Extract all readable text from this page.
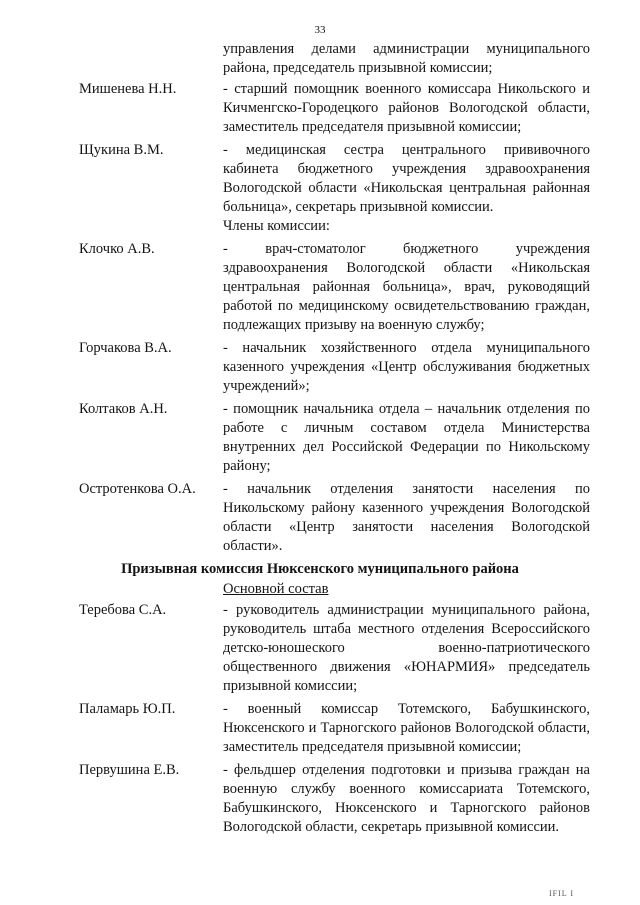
33
управления делами администрации муниципального района, председатель призывной комиссии;
Мишенева Н.Н.	- старший помощник военного комиссара Никольского и Кичменгско-Городецкого районов Вологодской области, заместитель председателя призывной комиссии;
Щукина В.М.	- медицинская сестра центрального прививочного кабинета бюджетного учреждения здравоохранения Вологодской области «Никольская центральная районная больница», секретарь призывной комиссии.
Члены комиссии:
Клочко А.В.	- врач-стоматолог бюджетного учреждения здравоохранения Вологодской области «Никольская центральная районная больница», врач, руководящий работой по медицинскому освидетельствованию граждан, подлежащих призыву на военную службу;
Горчакова В.А.	- начальник хозяйственного отдела муниципального казенного учреждения «Центр обслуживания бюджетных учреждений»;
Колтаков А.Н.	- помощник начальника отдела – начальник отделения по работе с личным составом отдела Министерства внутренних дел Российской Федерации по Никольскому району;
Остротенкова О.А. - начальник отделения занятости населения по Никольскому району казенного учреждения Вологодской области «Центр занятости населения Вологодской области».
Призывная комиссия Нюксенского муниципального района
Основной состав
Теребова С.А.	- руководитель администрации муниципального района, руководитель штаба местного отделения Всероссийского детско-юношеского военно-патриотического общественного движения «ЮНАРМИЯ» председатель призывной комиссии;
Паламарь Ю.П.	- военный комиссар Тотемского, Бабушкинского, Нюксенского и Тарногского районов Вологодской области, заместитель председателя призывной комиссии;
Первушина Е.В.	- фельдшер отделения подготовки и призыва граждан на военную службу военного комиссариата Тотемского, Бабушкинского, Нюксенского и Тарногского районов Вологодской области, секретарь призывной комиссии.
IFIL I
